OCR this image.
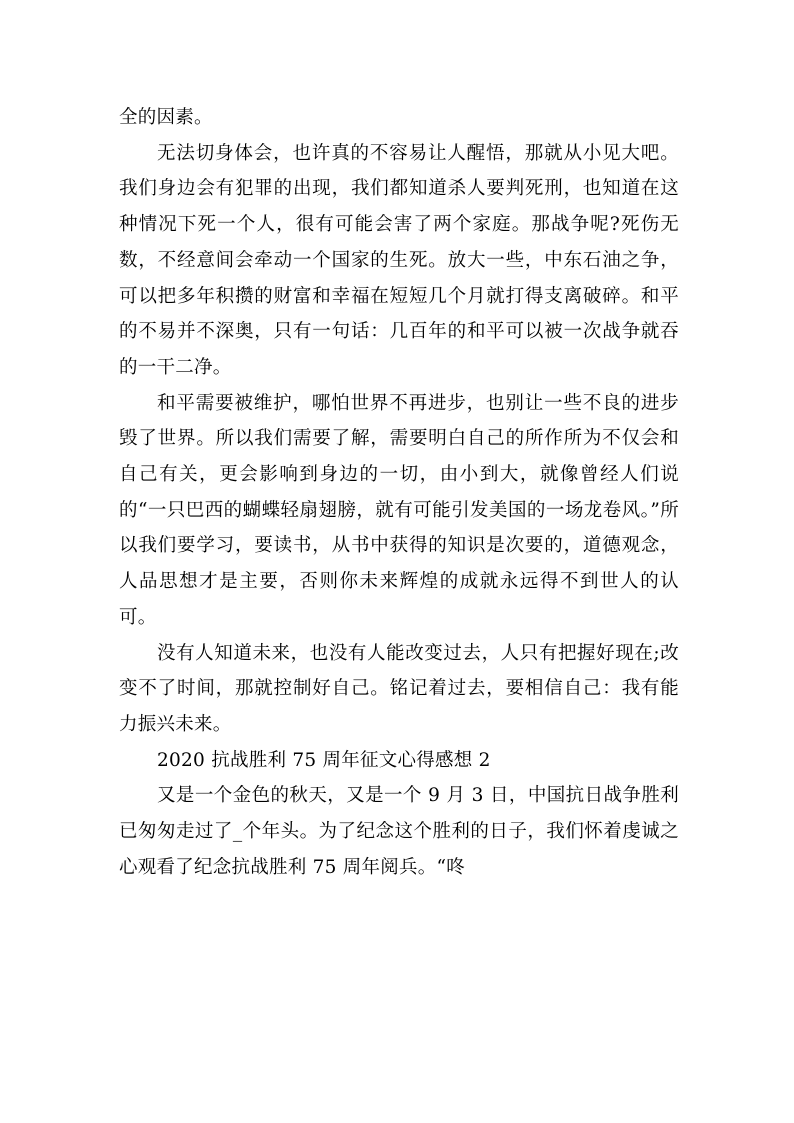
全的因素。

无法切身体会，也许真的不容易让人醒悟，那就从小见大吧。我们身边会有犯罪的出现，我们都知道杀人要判死刑，也知道在这种情况下死一个人，很有可能会害了两个家庭。那战争呢?死伤无数，不经意间会牵动一个国家的生死。放大一些，中东石油之争，可以把多年积攒的财富和幸福在短短几个月就打得支离破碎。和平的不易并不深奥，只有一句话：几百年的和平可以被一次战争就吞的一干二净。

和平需要被维护，哪怕世界不再进步，也别让一些不良的进步毁了世界。所以我们需要了解，需要明白自己的所作所为不仅会和自己有关，更会影响到身边的一切，由小到大，就像曾经人们说的“一只巴西的蝴蝶轻扇翅膀，就有可能引发美国的一场龙卷风。”所以我们要学习，要读书，从书中获得的知识是次要的，道德观念，人品思想才是主要，否则你未来辉煌的成就永远得不到世人的认可。

没有人知道未来，也没有人能改变过去，人只有把握好现在;改变不了时间，那就控制好自己。铭记着过去，要相信自己：我有能力振兴未来。

2020 抗战胜利 75 周年征文心得感想 2

又是一个金色的秋天，又是一个 9 月 3 日，中国抗日战争胜利已匆匆走过了_个年头。为了纪念这个胜利的日子，我们怀着虔诚之心观看了纪念抗战胜利 75 周年阅兵。“咚
